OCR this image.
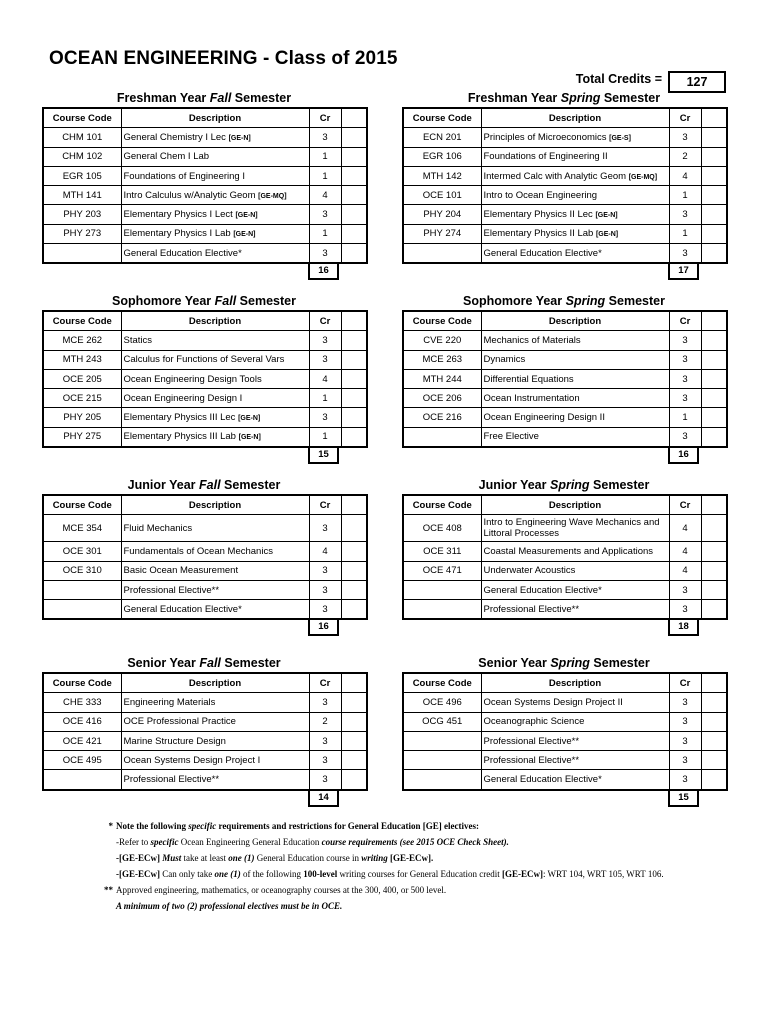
OCEAN ENGINEERING - Class of 2015
Total Credits =	127
Freshman Year Fall Semester
Course Code	Description	Cr	
CHM 101	General Chemistry I Lec [GE-N]	3	
CHM 102	General Chem I Lab	1	
EGR 105	Foundations of Engineering I	1	
MTH 141	Intro Calculus w/Analytic Geom [GE-MQ]	4	
PHY 203	Elementary Physics I Lect [GE-N]	3	
PHY 273	Elementary Physics I Lab [GE-N]	1	
	General Education Elective*	3	
16
Freshman Year Spring Semester
Course Code	Description	Cr	
ECN 201	Principles of Microeconomics [GE-S]	3	
EGR 106	Foundations of Engineering II	2	
MTH 142	Intermed Calc with Analytic Geom [GE-MQ]	4	
OCE 101	Intro to Ocean Engineering	1	
PHY 204	Elementary Physics II Lec [GE-N]	3	
PHY 274	Elementary Physics II Lab [GE-N]	1	
	General Education Elective*	3	
17
Sophomore Year Fall Semester
Course Code	Description	Cr	
MCE 262	Statics	3	
MTH 243	Calculus for Functions of Several Vars	3	
OCE 205	Ocean Engineering Design Tools	4	
OCE 215	Ocean Engineering Design I	1	
PHY 205	Elementary Physics III Lec [GE-N]	3	
PHY 275	Elementary Physics III Lab [GE-N]	1	
15
Sophomore Year Spring Semester
Course Code	Description	Cr	
CVE 220	Mechanics of Materials	3	
MCE 263	Dynamics	3	
MTH 244	Differential Equations	3	
OCE 206	Ocean Instrumentation	3	
OCE 216	Ocean Engineering Design II	1	
	Free Elective	3	
16
Junior Year Fall Semester
Course Code	Description	Cr	
MCE 354	Fluid Mechanics	3	
OCE 301	Fundamentals of Ocean Mechanics	4	
OCE 310	Basic Ocean Measurement	3	
	Professional Elective**	3	
	General Education Elective*	3	
16
Junior Year Spring Semester
Course Code	Description	Cr	
OCE 408	Intro to Engineering Wave Mechanics and Littoral Processes	4	
OCE 311	Coastal Measurements and Applications	4	
OCE 471	Underwater Acoustics	4	
	General Education Elective*	3	
	Professional Elective**	3	
18
Senior Year Fall Semester
Course Code	Description	Cr	
CHE 333	Engineering Materials	3	
OCE 416	OCE Professional Practice	2	
OCE 421	Marine Structure Design	3	
OCE 495	Ocean Systems Design Project I	3	
	Professional Elective**	3	
14
Senior Year Spring Semester
Course Code	Description	Cr	
OCE 496	Ocean Systems Design Project II	3	
OCG 451	Oceanographic Science	3	
	Professional Elective**	3	
	Professional Elective**	3	
	General Education Elective*	3	
15
* Note the following specific requirements and restrictions for General Education [GE] electives:
-Refer to specific Ocean Engineering General Education course requirements (see 2015 OCE Check Sheet).
-[GE-ECw] Must take at least one (1) General Education course in writing [GE-ECw].
-[GE-ECw] Can only take one (1) of the following 100-level writing courses for General Education credit [GE-ECw]: WRT 104, WRT 105, WRT 106.
** Approved engineering, mathematics, or oceanography courses at the 300, 400, or 500 level.
A minimum of two (2) professional electives must be in OCE.
